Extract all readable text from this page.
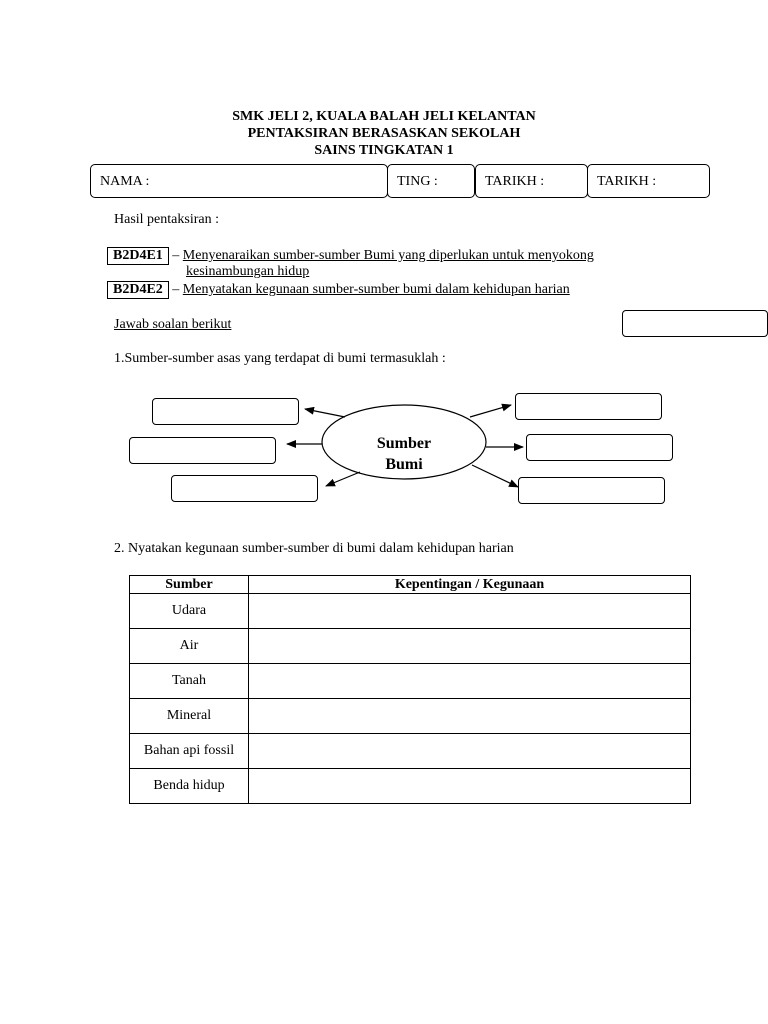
SMK JELI 2, KUALA BALAH JELI KELANTAN
PENTAKSIRAN BERASASKAN SEKOLAH
SAINS TINGKATAN 1
NAMA :	TING :	TARIKH :	TARIKH :
Hasil pentaksiran :
B2D4E1 – Menyenaraikan sumber-sumber Bumi yang diperlukan untuk menyokong
kesinambungan hidup
B2D4E2 – Menyatakan kegunaan sumber-sumber bumi dalam kehidupan harian
Jawab soalan berikut
1.Sumber-sumber asas yang terdapat di bumi termasuklah :
Sumber
Bumi
2. Nyatakan kegunaan sumber-sumber di bumi dalam kehidupan harian
Sumber	Kepentingan / Kegunaan
Udara	
Air	
Tanah	
Mineral	
Bahan api fossil	
Benda hidup	
